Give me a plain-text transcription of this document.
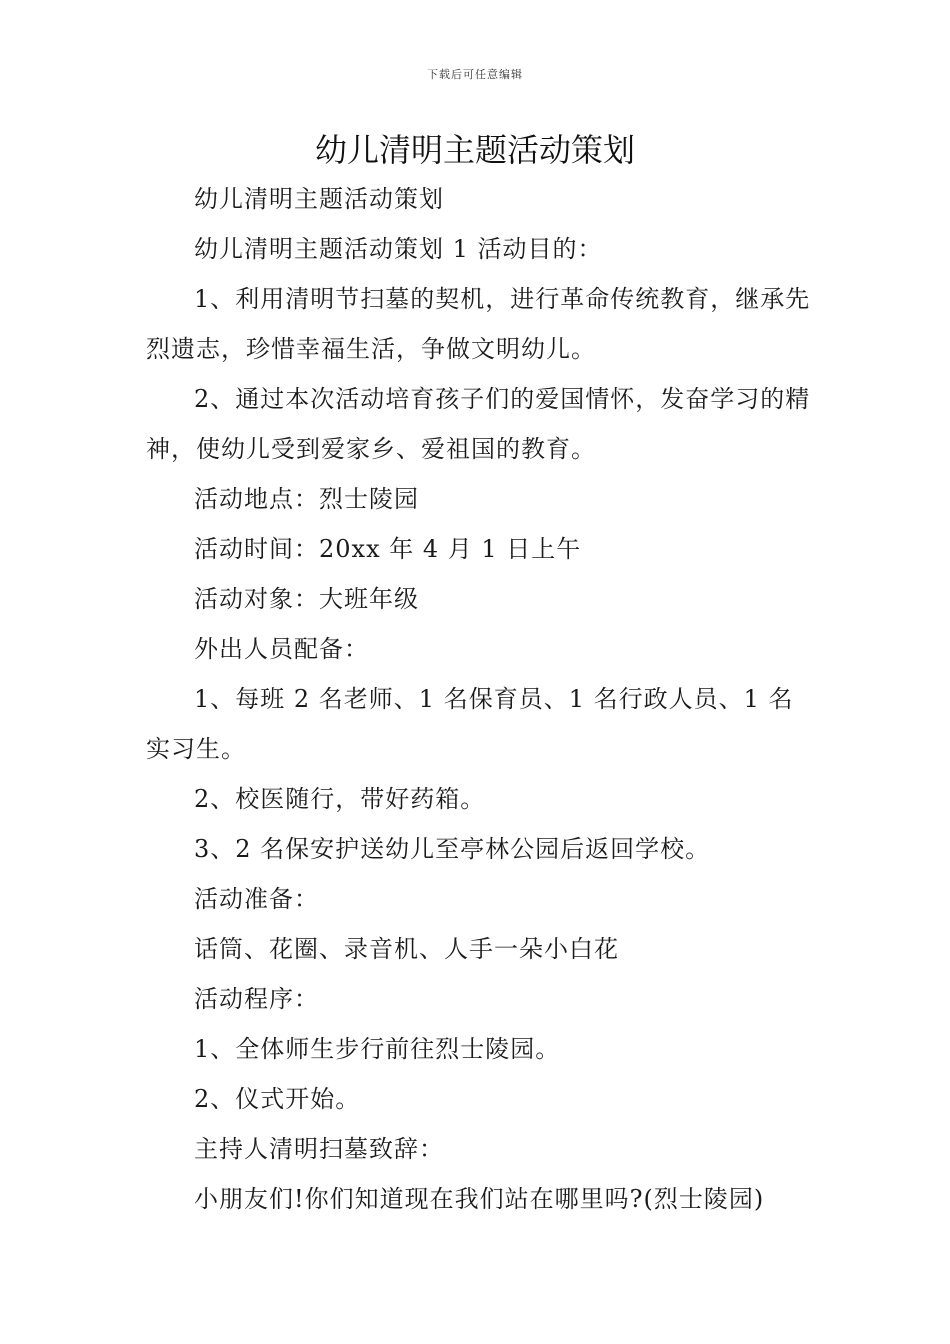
下载后可任意编辑
幼儿清明主题活动策划

幼儿清明主题活动策划

幼儿清明主题活动策划 1 活动目的：

1、利用清明节扫墓的契机，进行革命传统教育，继承先烈遗志，珍惜幸福生活，争做文明幼儿。

2、通过本次活动培育孩子们的爱国情怀，发奋学习的精神，使幼儿受到爱家乡、爱祖国的教育。

活动地点：烈士陵园

活动时间：20xx 年 4 月 1 日上午

活动对象：大班年级

外出人员配备：

1、每班 2 名老师、1 名保育员、1 名行政人员、1 名实习生。

2、校医随行，带好药箱。

3、2 名保安护送幼儿至亭林公园后返回学校。

活动准备：

话筒、花圈、录音机、人手一朵小白花

活动程序：

1、全体师生步行前往烈士陵园。

2、仪式开始。

主持人清明扫墓致辞：

小朋友们!你们知道现在我们站在哪里吗?(烈士陵园)
